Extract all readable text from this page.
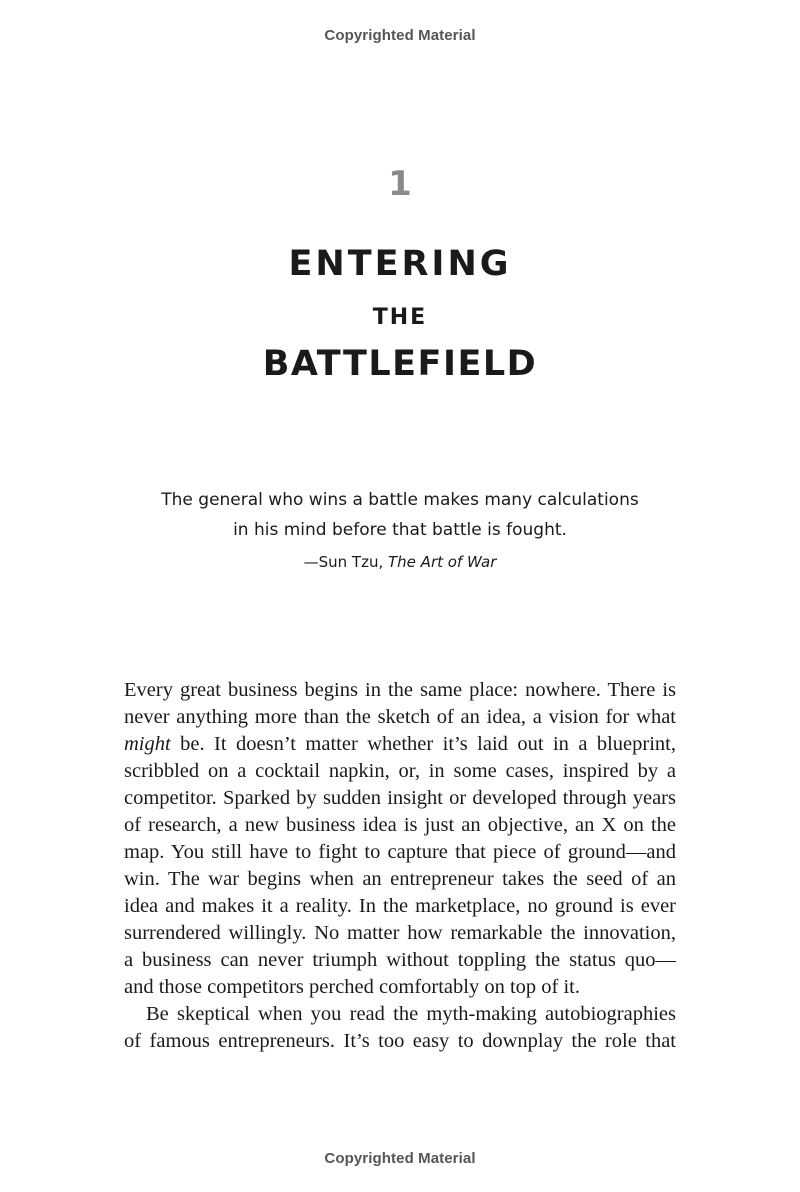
Copyrighted Material
1
ENTERING
THE
BATTLEFIELD

The general who wins a battle makes many calculations

in his mind before that battle is fought.

—Sun Tzu, The Art of War
Every great business begins in the same place: nowhere. There is
never anything more than the sketch of an idea, a vision for what
might be. It doesn’t matter whether it’s laid out in a blueprint,
scribbled on a cocktail napkin, or, in some cases, inspired by a
competitor. Sparked by sudden insight or developed through years
of research, a new business idea is just an objective, an X on the
map. You still have to fight to capture that piece of ground—and
win. The war begins when an entrepreneur takes the seed of an
idea and makes it a reality. In the marketplace, no ground is ever
surrendered willingly. No matter how remarkable the innovation,
a business can never triumph without toppling the status quo—
and those competitors perched comfortably on top of it.
Be skeptical when you read the myth-making autobiographies
of famous entrepreneurs. It’s too easy to downplay the role that
Copyrighted Material
